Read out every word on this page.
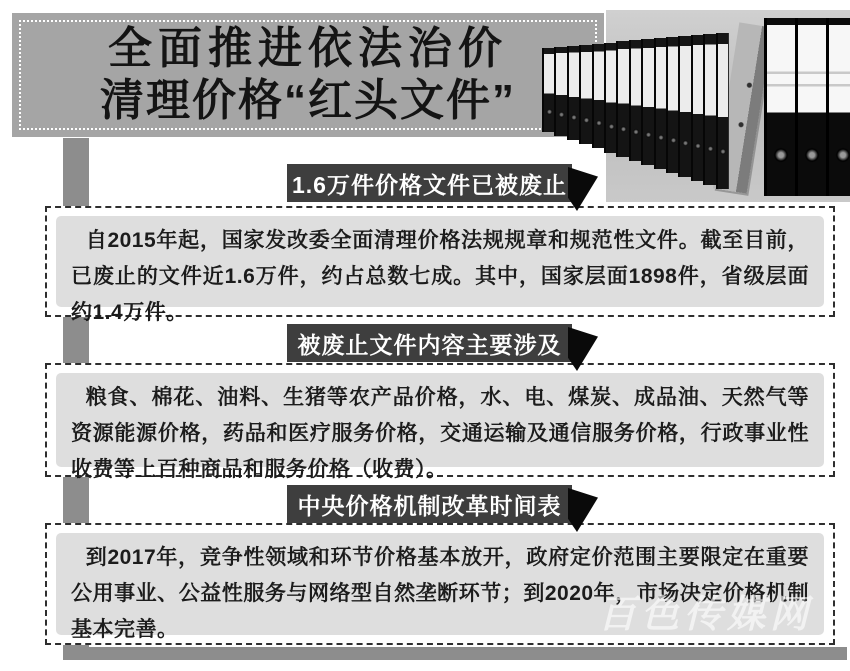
全面推进依法治价
清理价格“红头文件”
1.6万件价格文件已被废止

自2015年起，国家发改委全面清理价格法规规章和规范性文件。截至目前，已废止的文件近1.6万件，约占总数七成。其中，国家层面1898件，省级层面约1.4万件。

被废止文件内容主要涉及

粮食、棉花、油料、生猪等农产品价格，水、电、煤炭、成品油、天然气等资源能源价格，药品和医疗服务价格，交通运输及通信服务价格，行政事业性收费等上百种商品和服务价格（收费）。

中央价格机制改革时间表

到2017年，竞争性领域和环节价格基本放开，政府定价范围主要限定在重要公用事业、公益性服务与网络型自然垄断环节；到2020年，市场决定价格机制基本完善。	百色传媒网
